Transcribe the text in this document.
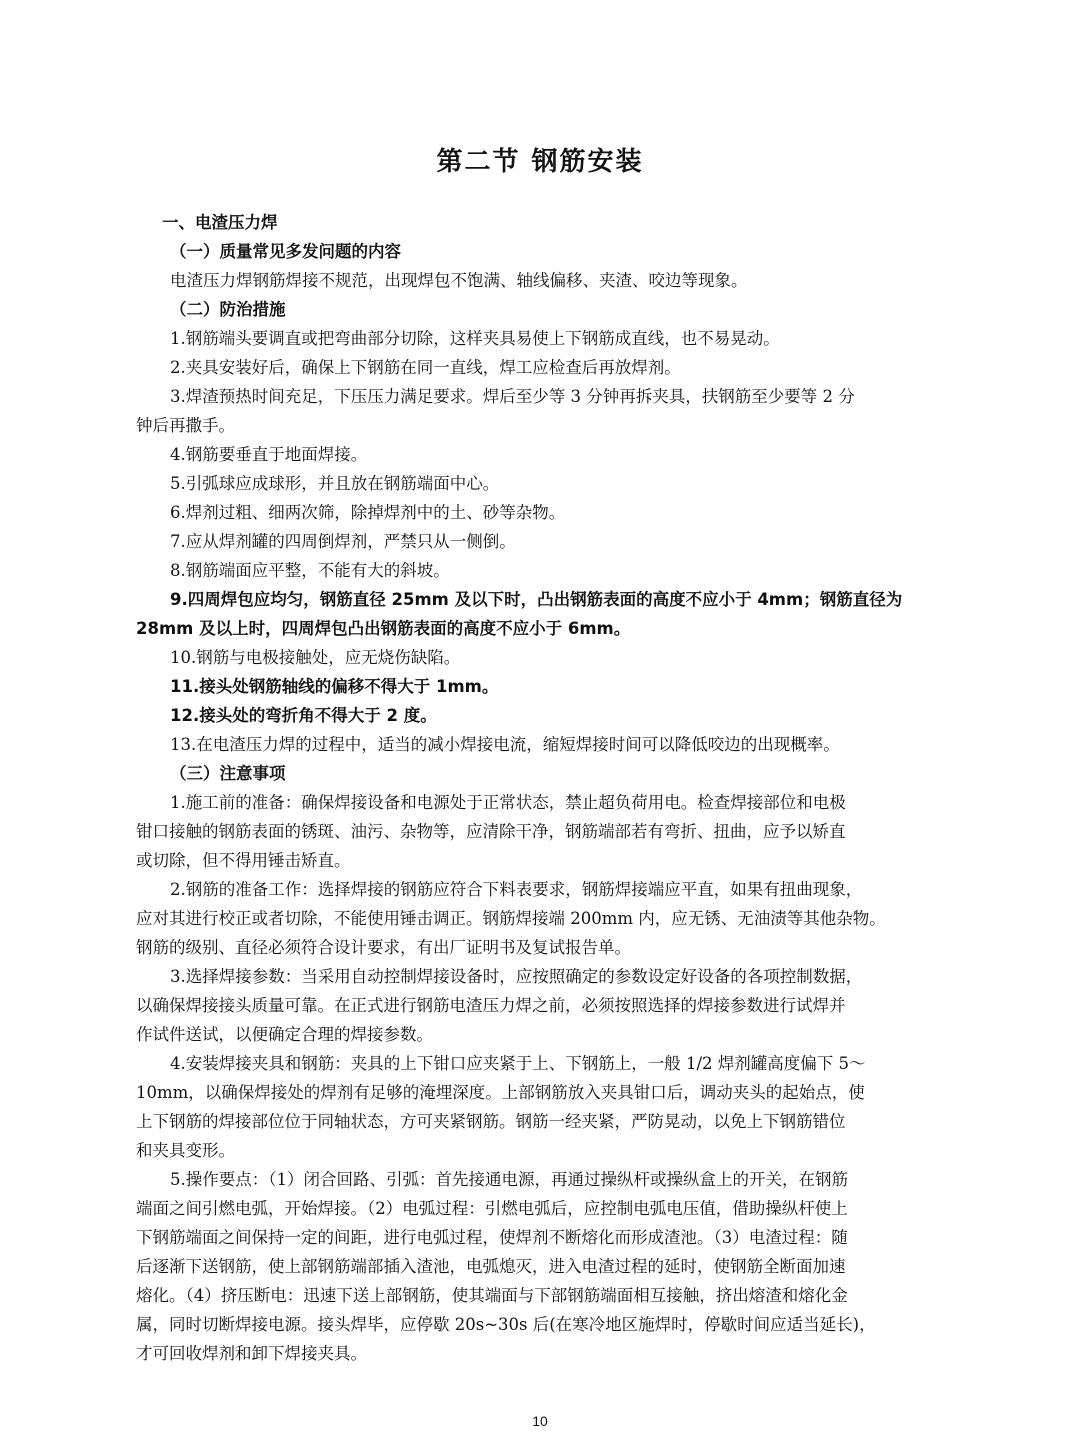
第二节 钢筋安装

一、电渣压力焊

（一）质量常见多发问题的内容

电渣压力焊钢筋焊接不规范，出现焊包不饱满、轴线偏移、夹渣、咬边等现象。

（二）防治措施

1.钢筋端头要调直或把弯曲部分切除，这样夹具易使上下钢筋成直线，也不易晃动。

2.夹具安装好后，确保上下钢筋在同一直线，焊工应检查后再放焊剂。

3.焊渣预热时间充足，下压压力满足要求。焊后至少等 3 分钟再拆夹具，扶钢筋至少要等 2 分

钟后再撒手。

4.钢筋要垂直于地面焊接。

5.引弧球应成球形，并且放在钢筋端面中心。

6.焊剂过粗、细两次筛，除掉焊剂中的土、砂等杂物。

7.应从焊剂罐的四周倒焊剂，严禁只从一侧倒。

8.钢筋端面应平整，不能有大的斜坡。

9.四周焊包应均匀，钢筋直径 25mm 及以下时，凸出钢筋表面的高度不应小于 4mm；钢筋直径为

28mm 及以上时，四周焊包凸出钢筋表面的高度不应小于 6mm。

10.钢筋与电极接触处，应无烧伤缺陷。

11.接头处钢筋轴线的偏移不得大于 1mm。

12.接头处的弯折角不得大于 2 度。

13.在电渣压力焊的过程中，适当的减小焊接电流，缩短焊接时间可以降低咬边的出现概率。

（三）注意事项

1.施工前的准备：确保焊接设备和电源处于正常状态，禁止超负荷用电。检查焊接部位和电极

钳口接触的钢筋表面的锈斑、油污、杂物等，应清除干净，钢筋端部若有弯折、扭曲，应予以矫直

或切除，但不得用锤击矫直。

2.钢筋的准备工作：选择焊接的钢筋应符合下料表要求，钢筋焊接端应平直，如果有扭曲现象，

应对其进行校正或者切除，不能使用锤击调正。钢筋焊接端 200mm 内，应无锈、无油渍等其他杂物。

钢筋的级别、直径必须符合设计要求，有出厂证明书及复试报告单。

3.选择焊接参数：当采用自动控制焊接设备时，应按照确定的参数设定好设备的各项控制数据，

以确保焊接接头质量可靠。在正式进行钢筋电渣压力焊之前，必须按照选择的焊接参数进行试焊并

作试件送试，以便确定合理的焊接参数。

4.安装焊接夹具和钢筋：夹具的上下钳口应夹紧于上、下钢筋上，一般 1/2 焊剂罐高度偏下 5～

10mm，以确保焊接处的焊剂有足够的淹埋深度。上部钢筋放入夹具钳口后，调动夹头的起始点，使

上下钢筋的焊接部位位于同轴状态，方可夹紧钢筋。钢筋一经夹紧，严防晃动，以免上下钢筋错位

和夹具变形。

5.操作要点：（1）闭合回路、引弧：首先接通电源，再通过操纵杆或操纵盒上的开关，在钢筋

端面之间引燃电弧，开始焊接。（2）电弧过程：引燃电弧后，应控制电弧电压值，借助操纵杆使上

下钢筋端面之间保持一定的间距，进行电弧过程，使焊剂不断熔化而形成渣池。（3）电渣过程：随

后逐渐下送钢筋，使上部钢筋端部插入渣池，电弧熄灭，进入电渣过程的延时，使钢筋全断面加速

熔化。（4）挤压断电：迅速下送上部钢筋，使其端面与下部钢筋端面相互接触，挤出熔渣和熔化金

属，同时切断焊接电源。接头焊毕，应停歇 20s~30s 后(在寒冷地区施焊时，停歇时间应适当延长)，

才可回收焊剂和卸下焊接夹具。

10
